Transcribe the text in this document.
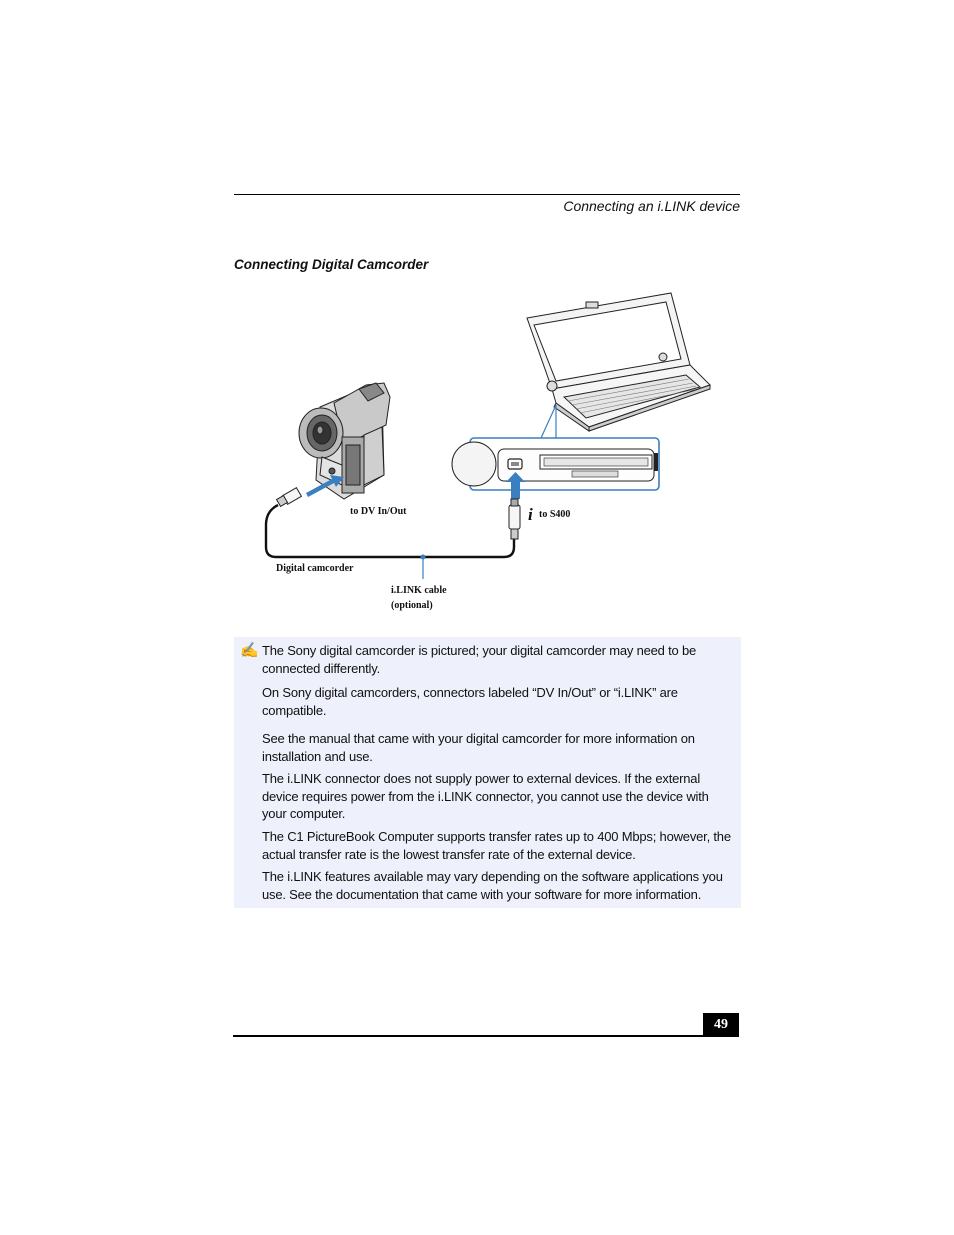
Connecting an i.LINK device
Connecting Digital Camcorder
to DV In/Out	i to S400
Digital camcorder
i.LINK cable
(optional)
✍ The Sony digital camcorder is pictured; your digital camcorder may need to be connected differently.
On Sony digital camcorders, connectors labeled “DV In/Out” or “i.LINK” are compatible.
See the manual that came with your digital camcorder for more information on installation and use.
The i.LINK connector does not supply power to external devices. If the external device requires power from the i.LINK connector, you cannot use the device with your computer.
The C1 PictureBook Computer supports transfer rates up to 400 Mbps; however, the actual transfer rate is the lowest transfer rate of the external device.
The i.LINK features available may vary depending on the software applications you use. See the documentation that came with your software for more information.
49
